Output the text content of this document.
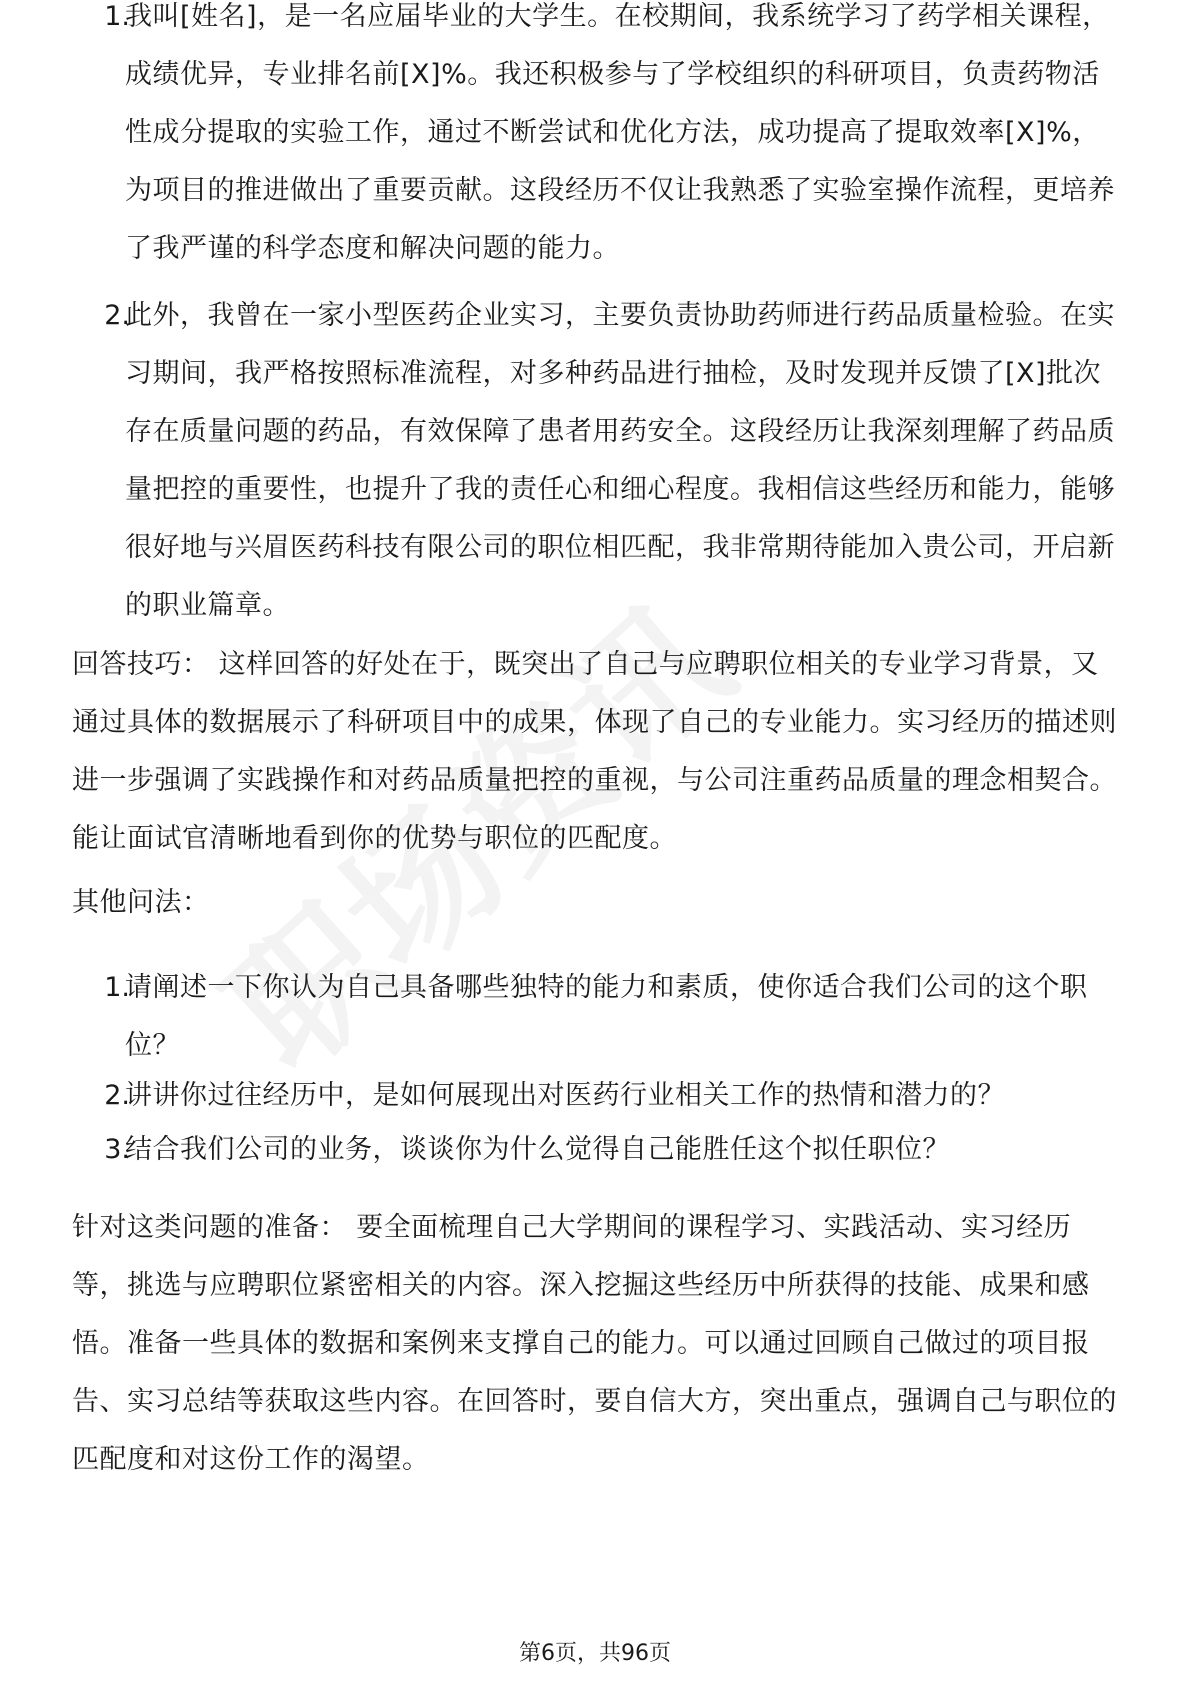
1.
我叫[姓名]，是一名应届毕业的大学生。在校期间，我系统学习了药学相关课程，成绩优异，专业排名前[X]%。我还积极参与了学校组织的科研项目，负责药物活性成分提取的实验工作，通过不断尝试和优化方法，成功提高了提取效率[X]%，为项目的推进做出了重要贡献。这段经历不仅让我熟悉了实验室操作流程，更培养了我严谨的科学态度和解决问题的能力。
2.
此外，我曾在一家小型医药企业实习，主要负责协助药师进行药品质量检验。在实习期间，我严格按照标准流程，对多种药品进行抽检，及时发现并反馈了[X]批次存在质量问题的药品，有效保障了患者用药安全。这段经历让我深刻理解了药品质量把控的重要性，也提升了我的责任心和细心程度。我相信这些经历和能力，能够很好地与兴眉医药科技有限公司的职位相匹配，我非常期待能加入贵公司，开启新的职业篇章。
回答技巧： 这样回答的好处在于，既突出了自己与应聘职位相关的专业学习背景，又通过具体的数据展示了科研项目中的成果，体现了自己的专业能力。实习经历的描述则进一步强调了实践操作和对药品质量把控的重视，与公司注重药品质量的理念相契合。能让面试官清晰地看到你的优势与职位的匹配度。
其他问法：
1.
请阐述一下你认为自己具备哪些独特的能力和素质，使你适合我们公司的这个职位？
2.
讲讲你过往经历中，是如何展现出对医药行业相关工作的热情和潜力的？
3.
结合我们公司的业务，谈谈你为什么觉得自己能胜任这个拟任职位？
针对这类问题的准备： 要全面梳理自己大学期间的课程学习、实践活动、实习经历等，挑选与应聘职位紧密相关的内容。深入挖掘这些经历中所获得的技能、成果和感悟。准备一些具体的数据和案例来支撑自己的能力。可以通过回顾自己做过的项目报告、实习总结等获取这些内容。在回答时，要自信大方，突出重点，强调自己与职位的匹配度和对这份工作的渴望。
第6页，共96页
